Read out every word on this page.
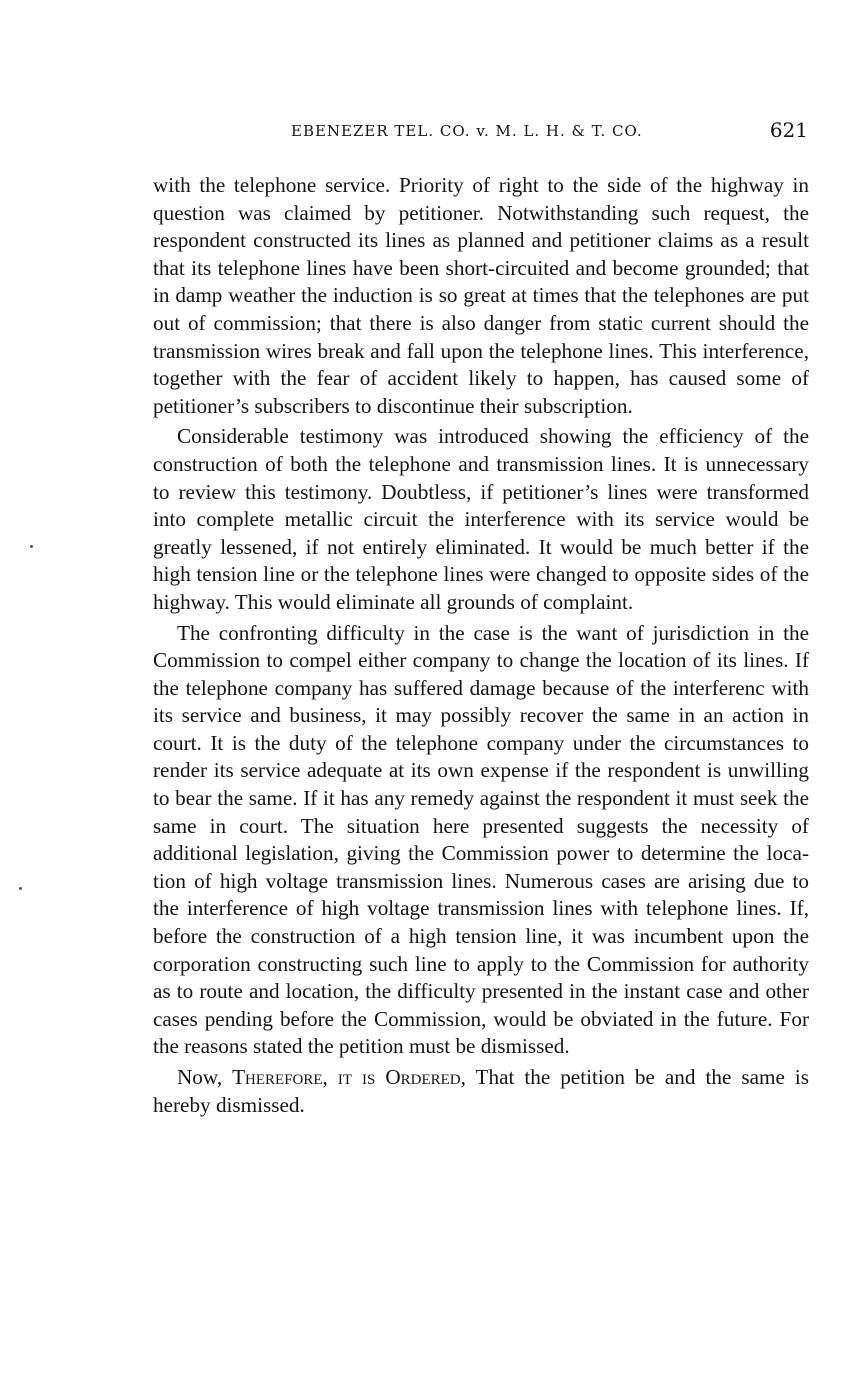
EBENEZER TEL. CO. v. M. L. H. & T. CO.	621

with the telephone service. Priority of right to the side of the highway in question was claimed by petitioner. Notwithstanding such request, the respondent constructed its lines as planned and petitioner claims as a result that its telephone lines have been short-circuited and become grounded; that in damp weather the induction is so great at times that the telephones are put out of commission; that there is also danger from static current should the transmission wires break and fall upon the telephone lines. This interference, together with the fear of accident likely to happen, has caused some of petitioner’s subscribers to discontinue their subscription.

Considerable testimony was introduced showing the efficiency of the construction of both the telephone and transmission lines. It is unnecessary to review this testimony. Doubtless, if petitioner’s lines were transformed into complete metallic circuit the interference with its service would be greatly lessened, if not entirely eliminated. It would be much better if the high tension line or the telephone lines were changed to opposite sides of the highway. This would eliminate all grounds of complaint.

The confronting difficulty in the case is the want of jurisdiction in the Commission to compel either company to change the location of its lines. If the telephone company has suffered damage because of the interferenc with its service and business, it may possibly recover the same in an action in court. It is the duty of the telephone company under the circumstances to render its service adequate at its own expense if the respondent is unwilling to bear the same. If it has any remedy against the respondent it must seek the same in court. The situation here presented suggests the necessity of additional legislation, giving the Commission power to determine the location of high voltage transmission lines. Numerous cases are arising due to the interference of high voltage transmission lines with telephone lines. If, before the construction of a high tension line, it was incumbent upon the corporation constructing such line to apply to the Commission for authority as to route and location, the difficulty presented in the instant case and other cases pending before the Commission, would be obviated in the future. For the reasons stated the petition must be dismissed.

Now, Therefore, it is Ordered, That the petition be and the same is hereby dismissed.
